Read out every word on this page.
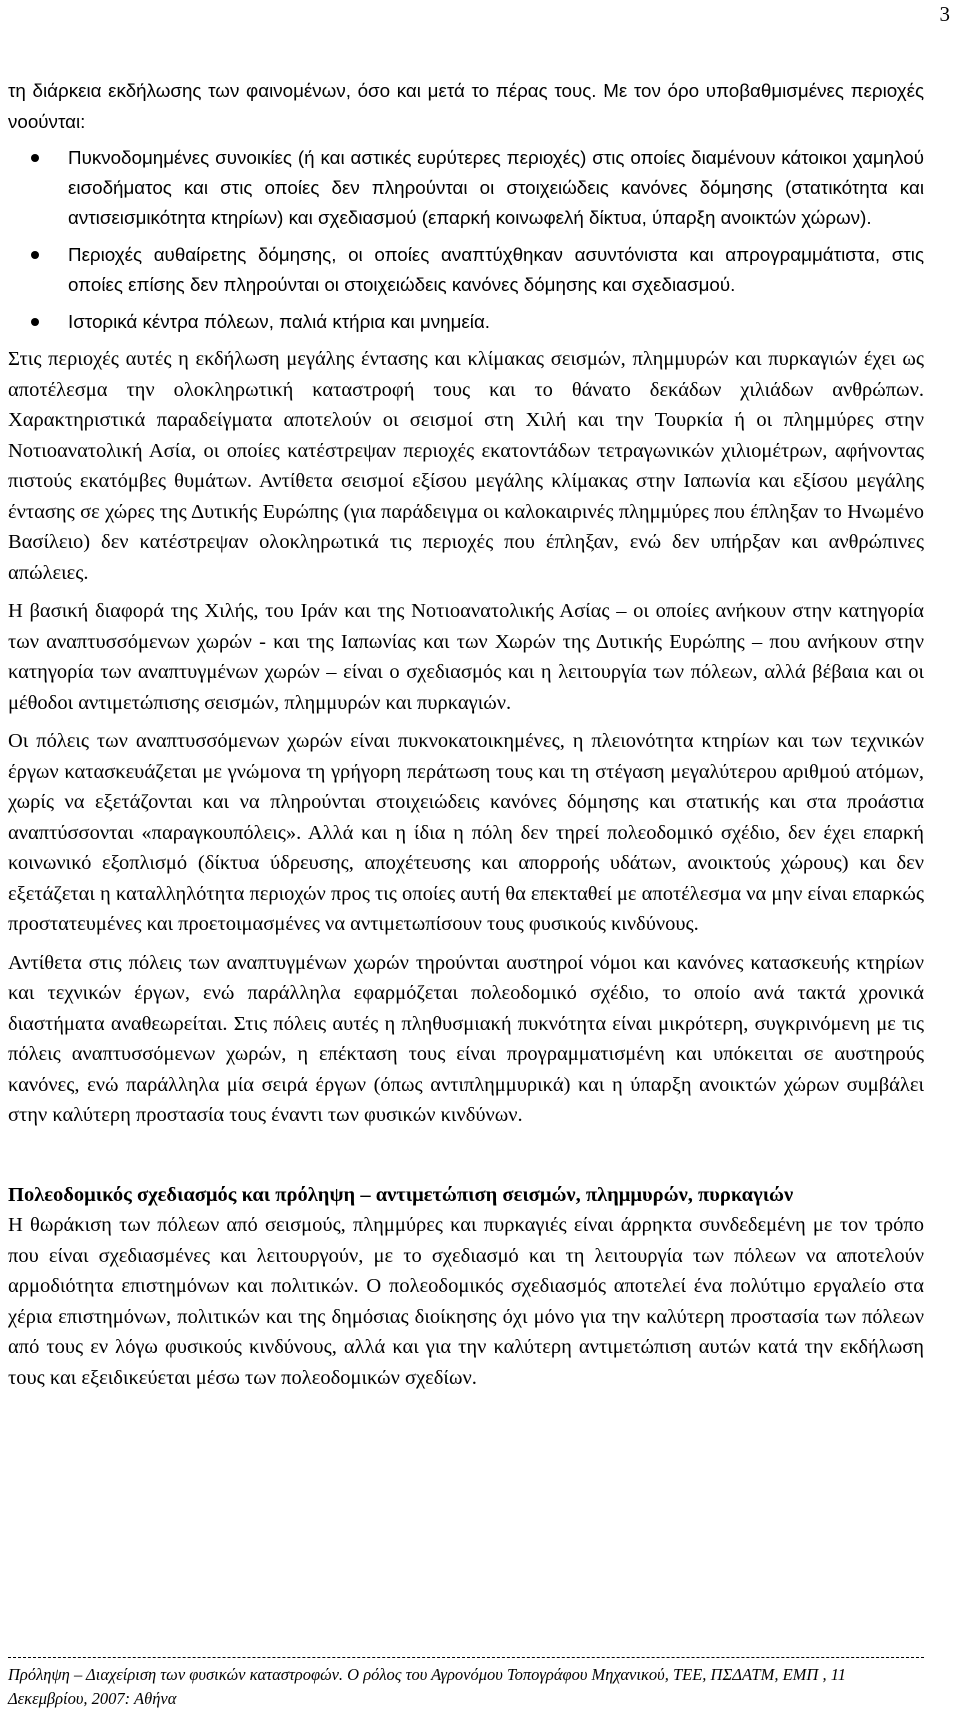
3

τη διάρκεια εκδήλωσης των φαινομένων, όσο και μετά το πέρας τους. Με τον όρο υποβαθμισμένες περιοχές νοούνται:

Πυκνοδομημένες συνοικίες (ή και αστικές ευρύτερες περιοχές) στις οποίες διαμένουν κάτοικοι χαμηλού εισοδήματος και στις οποίες δεν πληρούνται οι στοιχειώδεις κανόνες δόμησης (στατικότητα και αντισεισμικότητα κτηρίων) και σχεδιασμού (επαρκή κοινωφελή δίκτυα, ύπαρξη ανοικτών χώρων).
Περιοχές αυθαίρετης δόμησης, οι οποίες αναπτύχθηκαν ασυντόνιστα και απρογραμμάτιστα, στις οποίες επίσης δεν πληρούνται οι στοιχειώδεις κανόνες δόμησης και σχεδιασμού.
Ιστορικά κέντρα πόλεων, παλιά κτήρια και μνημεία.

Στις περιοχές αυτές η εκδήλωση μεγάλης έντασης και κλίμακας σεισμών, πλημμυρών και πυρκαγιών έχει ως αποτέλεσμα την ολοκληρωτική καταστροφή τους και το θάνατο δεκάδων χιλιάδων ανθρώπων. Χαρακτηριστικά παραδείγματα αποτελούν οι σεισμοί στη Χιλή και την Τουρκία ή οι πλημμύρες στην Νοτιοανατολική Ασία, οι οποίες κατέστρεψαν περιοχές εκατοντάδων τετραγωνικών χιλιομέτρων, αφήνοντας πιστούς εκατόμβες θυμάτων. Αντίθετα σεισμοί εξίσου μεγάλης κλίμακας στην Ιαπωνία και εξίσου μεγάλης έντασης σε χώρες της Δυτικής Ευρώπης (για παράδειγμα οι καλοκαιρινές πλημμύρες που έπληξαν το Ηνωμένο Βασίλειο) δεν κατέστρεψαν ολοκληρωτικά τις περιοχές που έπληξαν, ενώ δεν υπήρξαν και ανθρώπινες απώλειες.

Η βασική διαφορά της Χιλής, του Ιράν και της Νοτιοανατολικής Ασίας – οι οποίες ανήκουν στην κατηγορία των αναπτυσσόμενων χωρών - και της Ιαπωνίας και των Χωρών της Δυτικής Ευρώπης – που ανήκουν στην κατηγορία των αναπτυγμένων χωρών – είναι ο σχεδιασμός και η λειτουργία των πόλεων, αλλά βέβαια και οι μέθοδοι αντιμετώπισης σεισμών, πλημμυρών και πυρκαγιών.

Οι πόλεις των αναπτυσσόμενων χωρών είναι πυκνοκατοικημένες, η πλειονότητα κτηρίων και των τεχνικών έργων κατασκευάζεται με γνώμονα τη γρήγορη περάτωση τους και τη στέγαση μεγαλύτερου αριθμού ατόμων, χωρίς να εξετάζονται και να πληρούνται στοιχειώδεις κανόνες δόμησης και στατικής και στα προάστια αναπτύσσονται «παραγκουπόλεις». Αλλά και η ίδια η πόλη δεν τηρεί πολεοδομικό σχέδιο, δεν έχει επαρκή κοινωνικό εξοπλισμό (δίκτυα ύδρευσης, αποχέτευσης και απορροής υδάτων, ανοικτούς χώρους) και δεν εξετάζεται η καταλληλότητα περιοχών προς τις οποίες αυτή θα επεκταθεί με αποτέλεσμα να μην είναι επαρκώς προστατευμένες και προετοιμασμένες να αντιμετωπίσουν τους φυσικούς κινδύνους.

Αντίθετα στις πόλεις των αναπτυγμένων χωρών τηρούνται αυστηροί νόμοι και κανόνες κατασκευής κτηρίων και τεχνικών έργων, ενώ παράλληλα εφαρμόζεται πολεοδομικό σχέδιο, το οποίο ανά τακτά χρονικά διαστήματα αναθεωρείται. Στις πόλεις αυτές η πληθυσμιακή πυκνότητα είναι μικρότερη, συγκρινόμενη με τις πόλεις αναπτυσσόμενων χωρών, η επέκταση τους είναι προγραμματισμένη και υπόκειται σε αυστηρούς κανόνες, ενώ παράλληλα μία σειρά έργων (όπως αντιπλημμυρικά) και η ύπαρξη ανοικτών χώρων συμβάλει στην καλύτερη προστασία τους έναντι των φυσικών κινδύνων.

Πολεοδομικός σχεδιασμός και πρόληψη – αντιμετώπιση σεισμών, πλημμυρών, πυρκαγιών

Η θωράκιση των πόλεων από σεισμούς, πλημμύρες και πυρκαγιές είναι άρρηκτα συνδεδεμένη με τον τρόπο που είναι σχεδιασμένες και λειτουργούν, με το σχεδιασμό και τη λειτουργία των πόλεων να αποτελούν αρμοδιότητα επιστημόνων και πολιτικών. Ο πολεοδομικός σχεδιασμός αποτελεί ένα πολύτιμο εργαλείο στα χέρια επιστημόνων, πολιτικών και της δημόσιας διοίκησης όχι μόνο για την καλύτερη προστασία των πόλεων από τους εν λόγω φυσικούς κινδύνους, αλλά και για την καλύτερη αντιμετώπιση αυτών κατά την εκδήλωση τους και εξειδικεύεται μέσω των πολεοδομικών σχεδίων.

Πρόληψη – Διαχείριση των φυσικών καταστροφών. Ο ρόλος του Αγρονόμου Τοπογράφου Μηχανικού, ΤΕΕ, ΠΣΔΑΤΜ, ΕΜΠ , 11

Δεκεμβρίου, 2007: Αθήνα
